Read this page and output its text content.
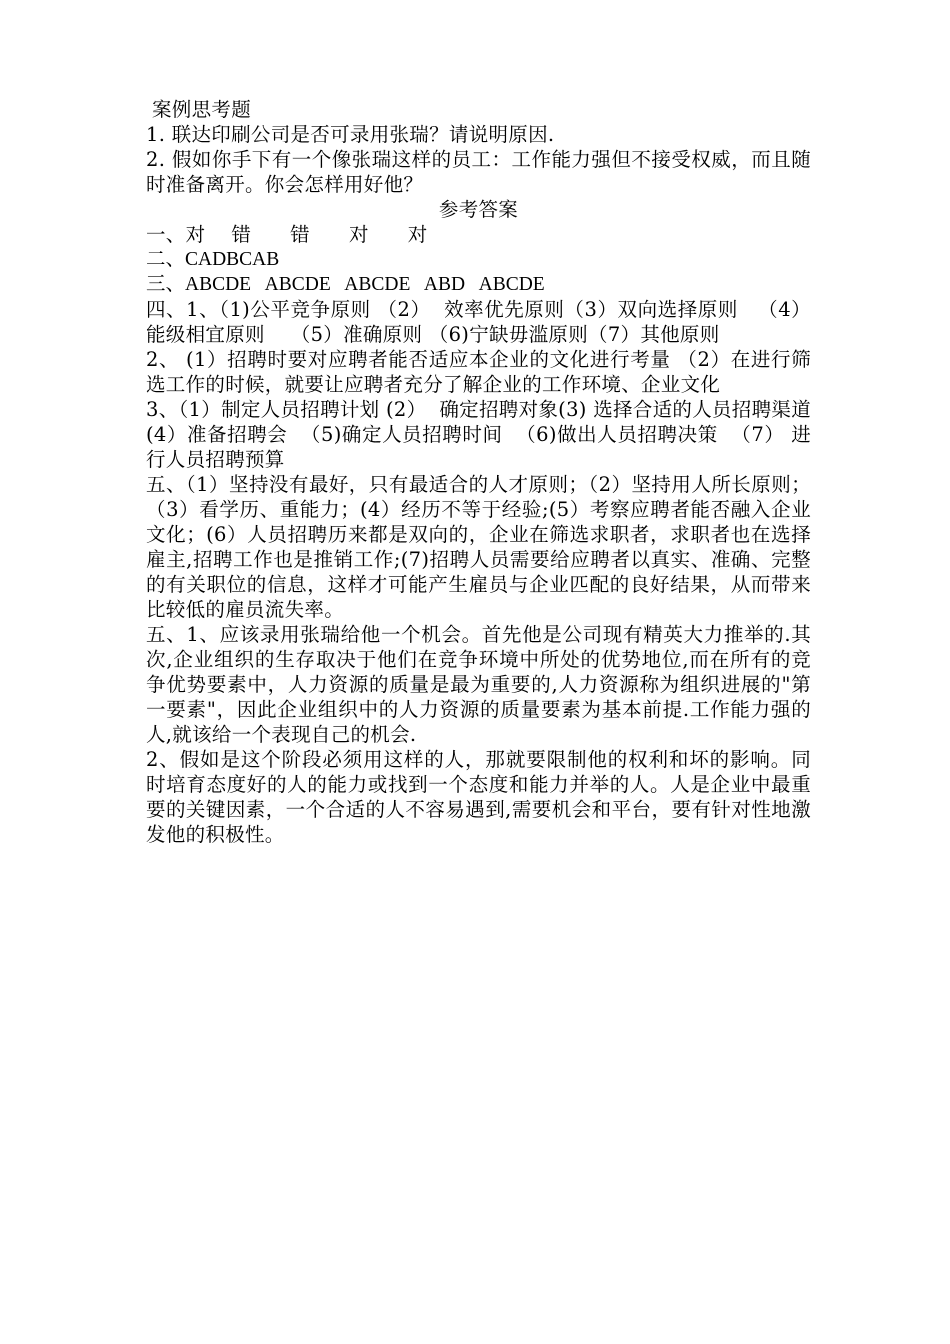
案例思考题
1. 联达印刷公司是否可录用张瑞？请说明原因.
2. 假如你手下有一个像张瑞这样的员工：工作能力强但不接受权威，而且随时准备离开。你会怎样用好他？
参考答案
一、对    错      错      对      对
二、CADBCAB
三、ABCDE   ABCDE   ABCDE   ABD   ABCDE
四、1、（1)公平竞争原则 （2）  效率优先原则（3）双向选择原则   （4）能级相宜原则    （5）准确原则 （6)宁缺毋滥原则（7）其他原则
2、 (1）招聘时要对应聘者能否适应本企业的文化进行考量 （2）在进行筛选工作的时候，就要让应聘者充分了解企业的工作环境、企业文化
3、（1）制定人员招聘计划 (2）  确定招聘对象(3) 选择合适的人员招聘渠道  (4）准备招聘会  （5)确定人员招聘时间  （6)做出人员招聘决策  （7） 进行人员招聘预算
五、（1）坚持没有最好，只有最适合的人才原则；（2）坚持用人所长原则；（3）看学历、重能力；(4）经历不等于经验;(5）考察应聘者能否融入企业文化；(6）人员招聘历来都是双向的，企业在筛选求职者，求职者也在选择雇主,招聘工作也是推销工作;(7)招聘人员需要给应聘者以真实、准确、完整的有关职位的信息，这样才可能产生雇员与企业匹配的良好结果，从而带来比较低的雇员流失率。
五、1、应该录用张瑞给他一个机会。首先他是公司现有精英大力推举的.其次,企业组织的生存取决于他们在竞争环境中所处的优势地位,而在所有的竞争优势要素中，人力资源的质量是最为重要的,人力资源称为组织进展的"第一要素"，因此企业组织中的人力资源的质量要素为基本前提.工作能力强的人,就该给一个表现自己的机会.
2、假如是这个阶段必须用这样的人，那就要限制他的权利和坏的影响。同时培育态度好的人的能力或找到一个态度和能力并举的人。人是企业中最重要的关键因素，一个合适的人不容易遇到,需要机会和平台，要有针对性地激发他的积极性。
